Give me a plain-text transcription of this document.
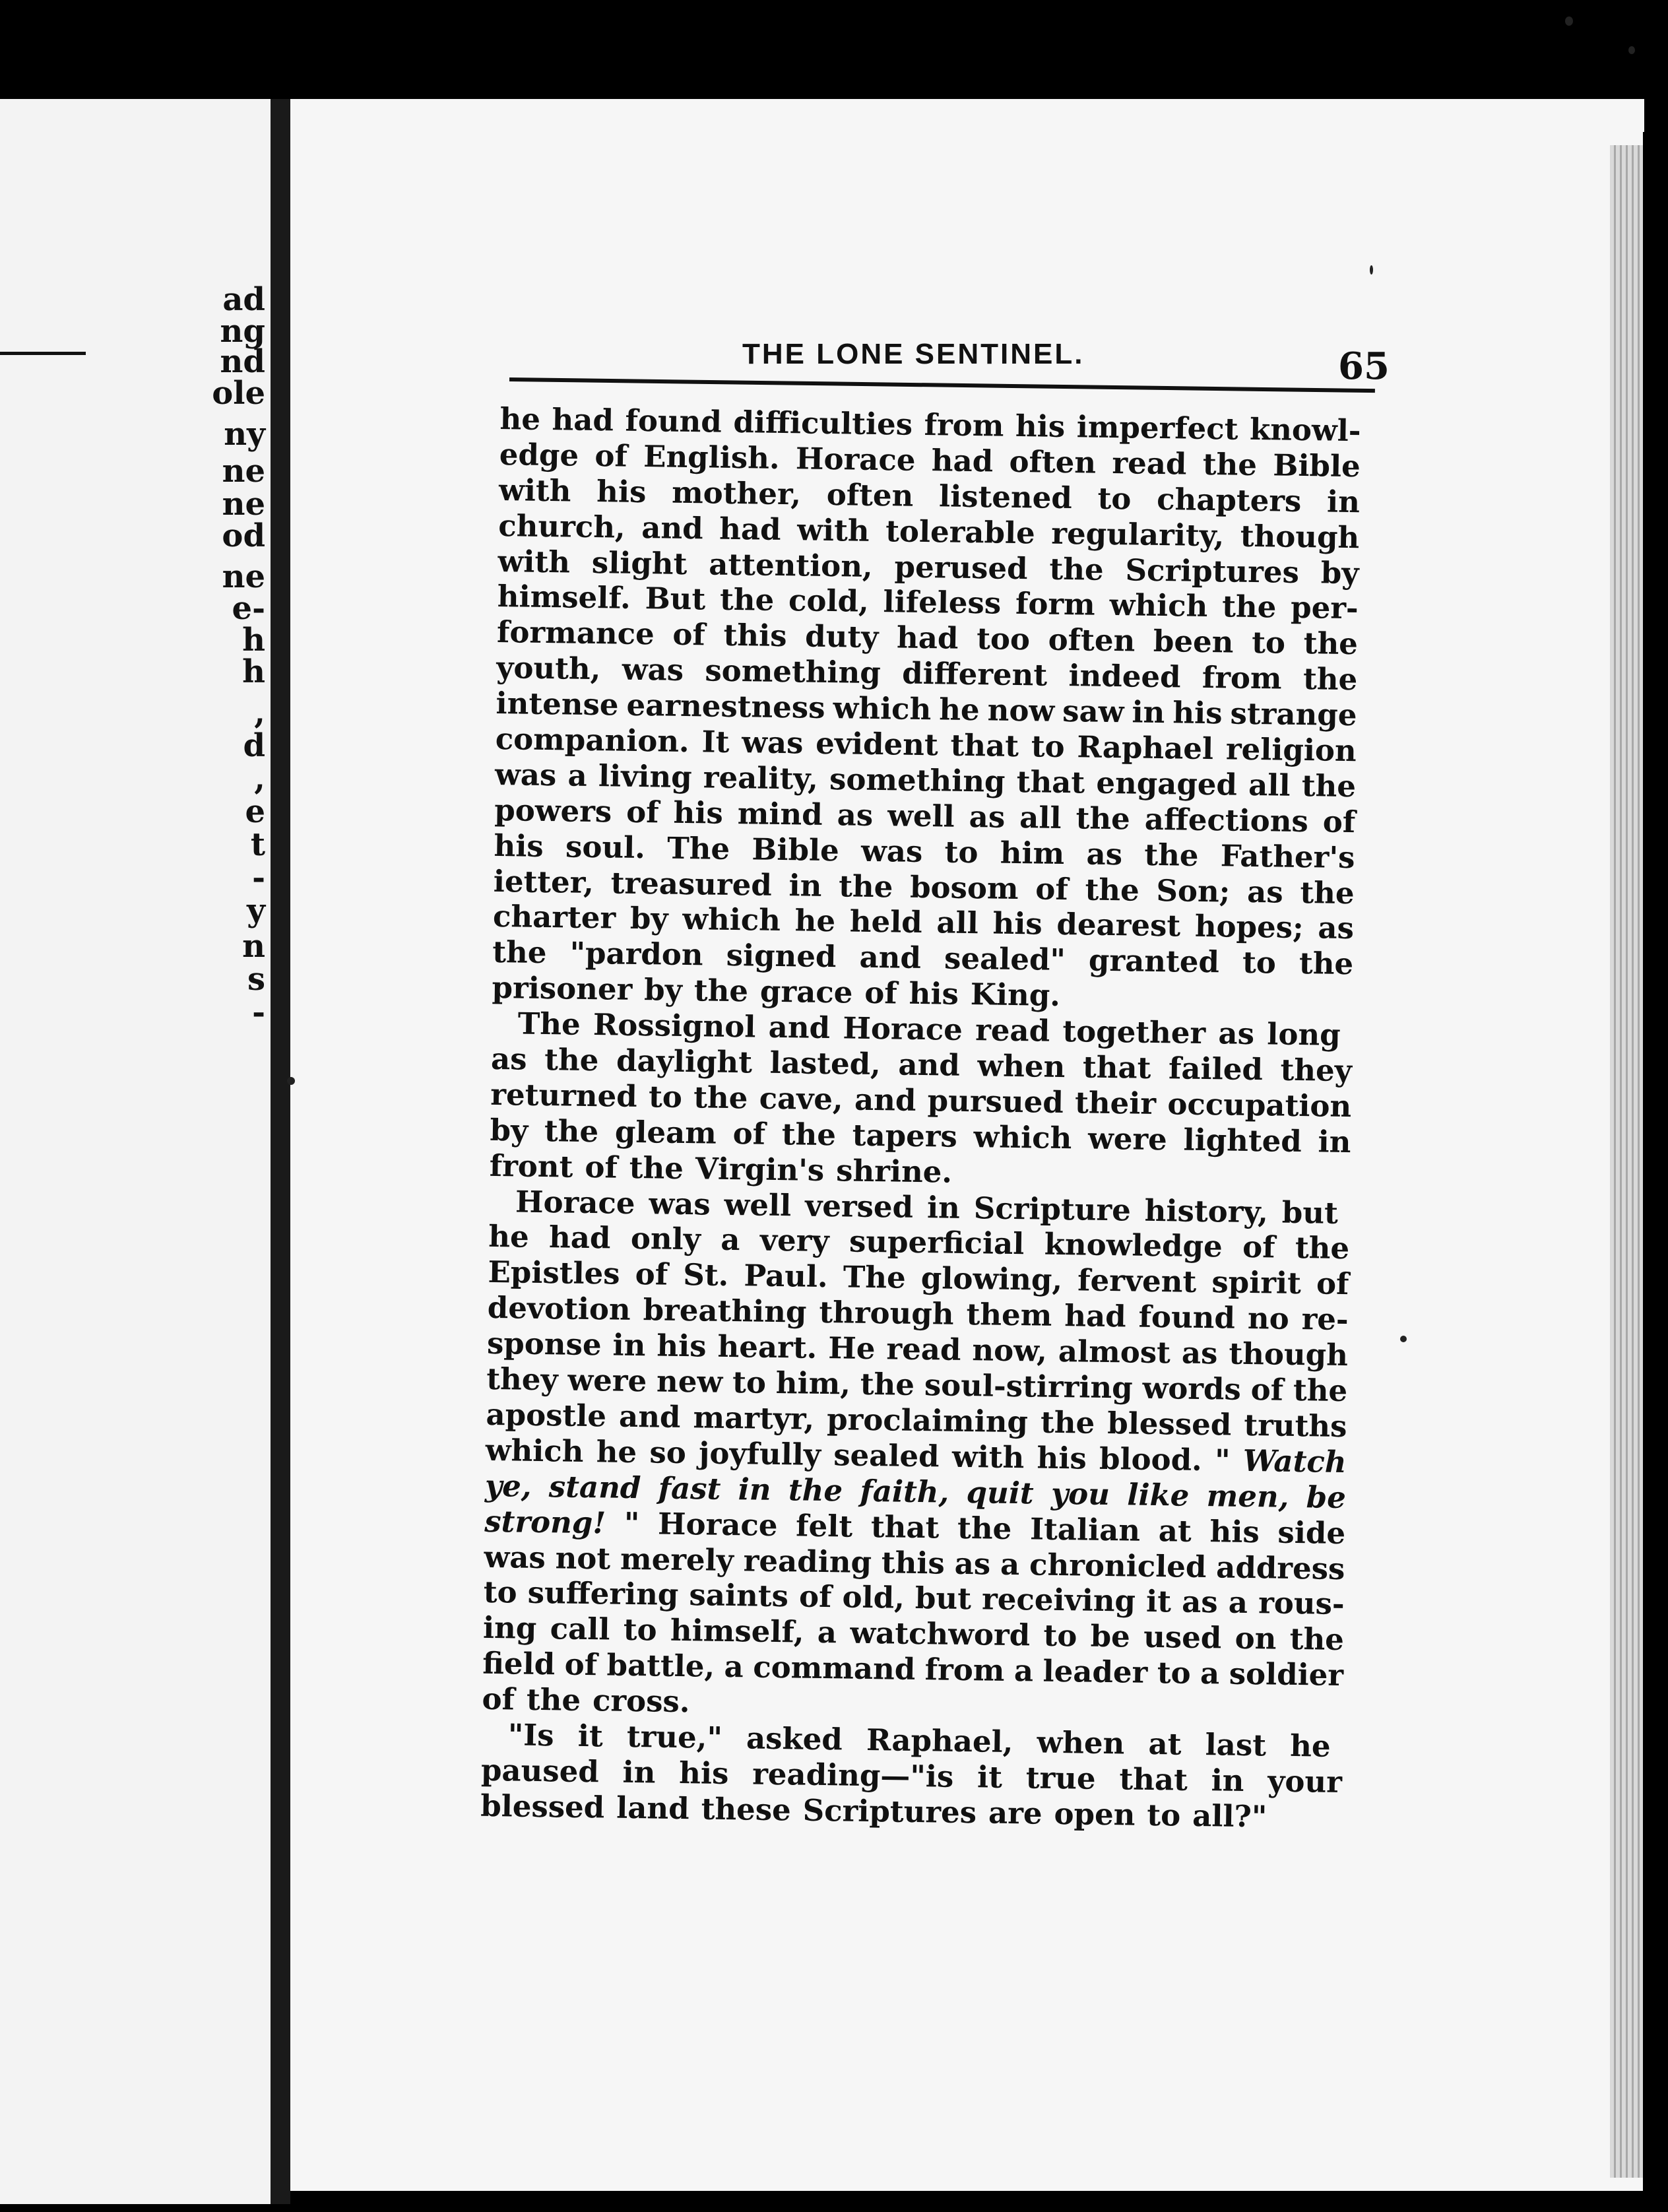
ad
ng
nd
ole
ny
ne
ne
od
ne
e-
h
h
,
d
,
e
t
-
y
n
s
-
THE LONE SENTINEL.	65
he had found difficulties from his imperfect knowl-
edge of English. Horace had often read the Bible
with his mother, often listened to chapters in
church, and had with tolerable regularity, though
with slight attention, perused the Scriptures by
himself. But the cold, lifeless form which the per-
formance of this duty had too often been to the
youth, was something different indeed from the
intense earnestness which he now saw in his strange
companion. It was evident that to Raphael religion
was a living reality, something that engaged all the
powers of his mind as well as all the affections of
his soul. The Bible was to him as the Father's
ietter, treasured in the bosom of the Son; as the
charter by which he held all his dearest hopes; as
the "pardon signed and sealed" granted to the
prisoner by the grace of his King.
The Rossignol and Horace read together as long
as the daylight lasted, and when that failed they
returned to the cave, and pursued their occupation
by the gleam of the tapers which were lighted in
front of the Virgin's shrine.
Horace was well versed in Scripture history, but
he had only a very superficial knowledge of the
Epistles of St. Paul. The glowing, fervent spirit of
devotion breathing through them had found no re-
sponse in his heart. He read now, almost as though
they were new to him, the soul-stirring words of the
apostle and martyr, proclaiming the blessed truths
which he so joyfully sealed with his blood. " Watch
ye, stand fast in the faith, quit you like men, be
strong! " Horace felt that the Italian at his side
was not merely reading this as a chronicled address
to suffering saints of old, but receiving it as a rous-
ing call to himself, a watchword to be used on the
field of battle, a command from a leader to a soldier
of the cross.
"Is it true," asked Raphael, when at last he
paused in his reading—"is it true that in your
blessed land these Scriptures are open to all?"
